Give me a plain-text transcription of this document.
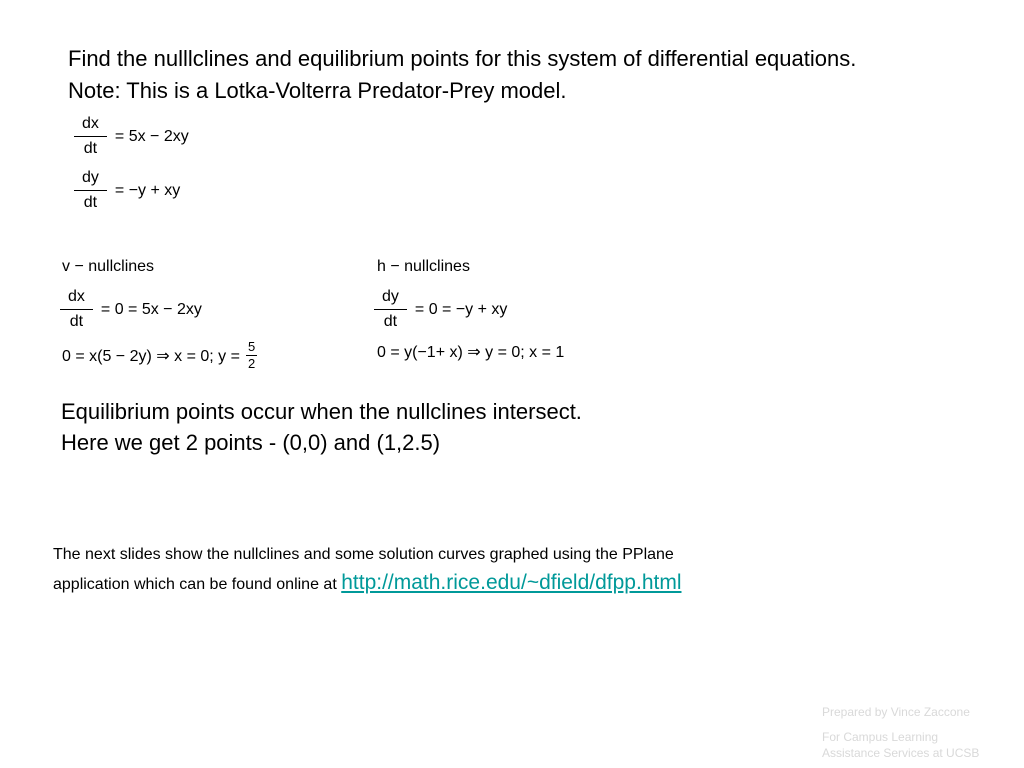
Find the nulllclines and equilibrium points for this system of differential equations.
Note: This is a Lotka-Volterra Predator-Prey model.
$\frac{dx}{dt} = 5x - 2xy$
$\frac{dy}{dt} = -y$ + xy
v − nullclines
$\frac{dx}{dt} = 0 = 5x - 2xy$
0 = x(5 − 2y) ⇒ x = 0; $y = \frac{5}{2}$
h − nullclines
$\frac{dy}{dt} = 0 = -y$ + xy
0 = y(−1+ x) ⇒ y = 0; x = 1
Equilibrium points occur when the nullclines intersect.
Here we get 2 points - (0,0) and (1,2.5)
The next slides show the nullclines and some solution curves graphed using the PPlane
application which can be found online at http://math.rice.edu/~dfield/dfpp.html
Prepared by Vince Zaccone
For Campus Learning
Assistance Services at UCSB
